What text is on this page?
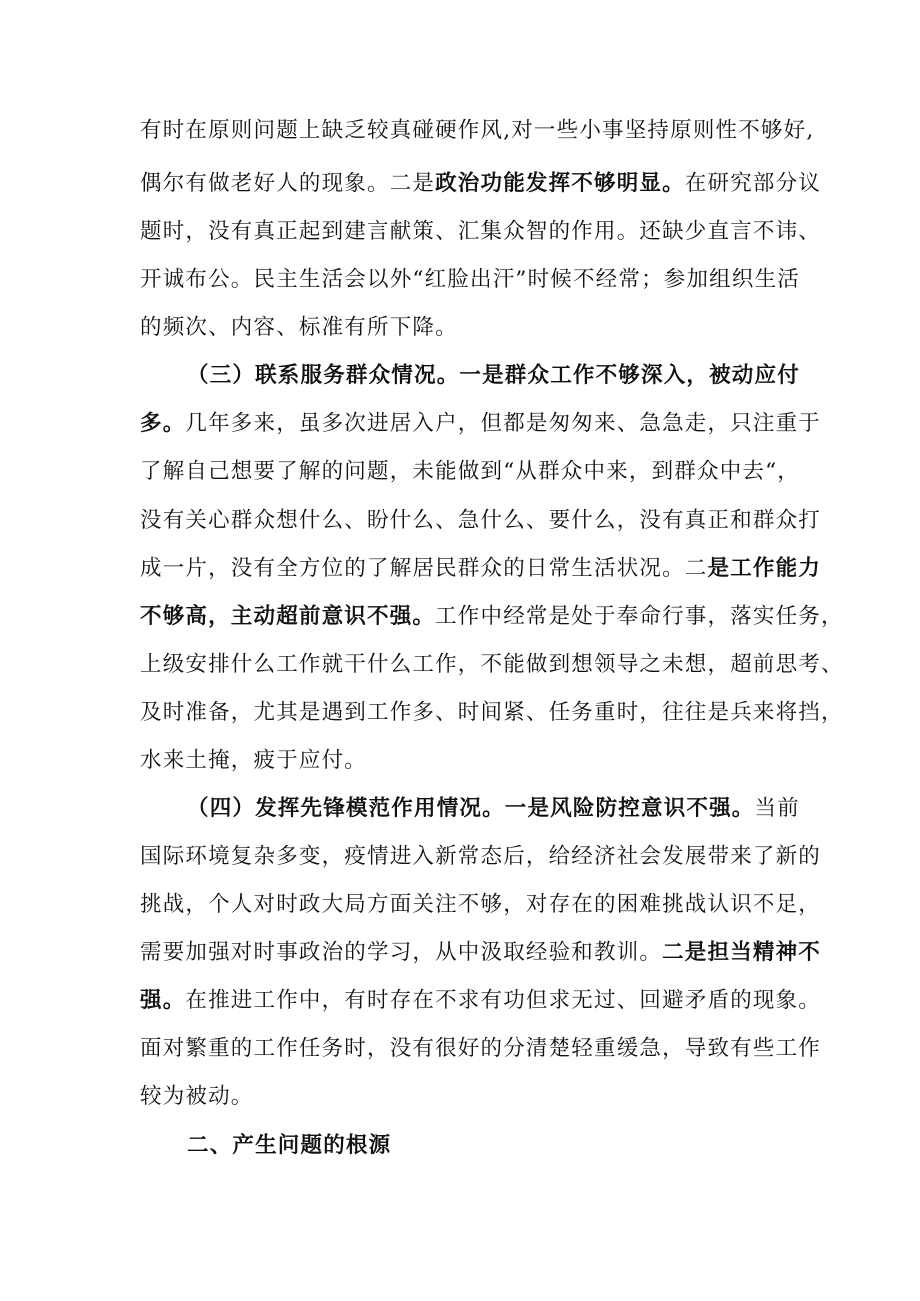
有时在原则问题上缺乏较真碰硬作风,对一些小事坚持原则性不够好,
偶尔有做老好人的现象。二是政治功能发挥不够明显。在研究部分议
题时，没有真正起到建言献策、汇集众智的作用。还缺少直言不讳、
开诚布公。民主生活会以外“红脸出汗”时候不经常；参加组织生活
的频次、内容、标准有所下降。
（三）联系服务群众情况。一是群众工作不够深入，被动应付
多。几年多来，虽多次进居入户，但都是匆匆来、急急走，只注重于
了解自己想要了解的问题，未能做到“从群众中来，到群众中去“，
没有关心群众想什么、盼什么、急什么、要什么，没有真正和群众打
成一片，没有全方位的了解居民群众的日常生活状况。二是工作能力
不够高，主动超前意识不强。工作中经常是处于奉命行事，落实任务，
上级安排什么工作就干什么工作，不能做到想领导之未想，超前思考、
及时准备，尤其是遇到工作多、时间紧、任务重时，往往是兵来将挡，
水来土掩，疲于应付。
（四）发挥先锋模范作用情况。一是风险防控意识不强。当前
国际环境复杂多变，疫情进入新常态后，给经济社会发展带来了新的
挑战，个人对时政大局方面关注不够，对存在的困难挑战认识不足，
需要加强对时事政治的学习，从中汲取经验和教训。二是担当精神不
强。在推进工作中，有时存在不求有功但求无过、回避矛盾的现象。
面对繁重的工作任务时，没有很好的分清楚轻重缓急，导致有些工作
较为被动。
二、产生问题的根源
